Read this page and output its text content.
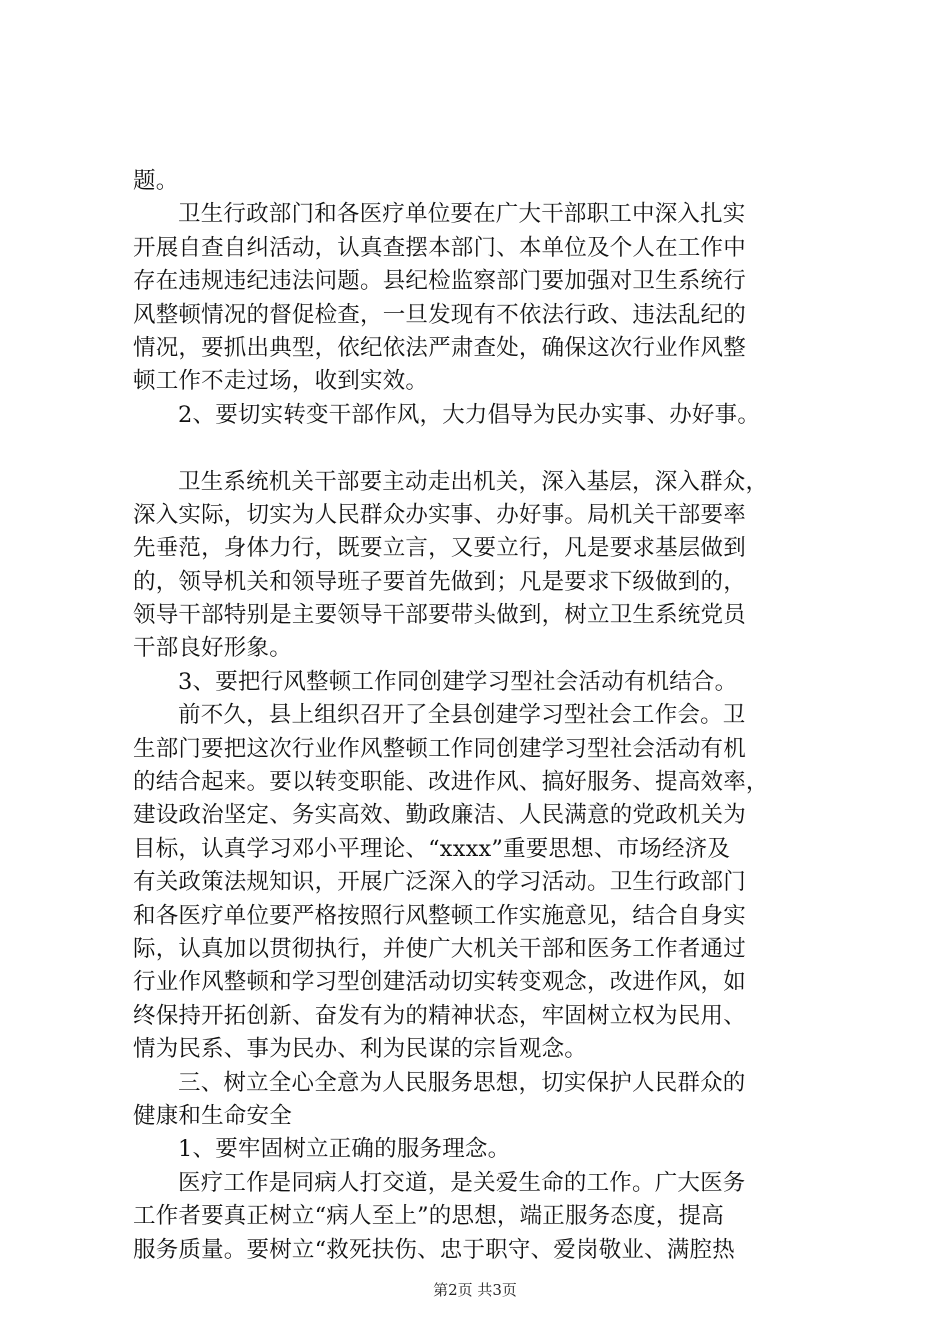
题。
卫生行政部门和各医疗单位要在广大干部职工中深入扎实
开展自查自纠活动，认真查摆本部门、本单位及个人在工作中
存在违规违纪违法问题。县纪检监察部门要加强对卫生系统行
风整顿情况的督促检查，一旦发现有不依法行政、违法乱纪的
情况，要抓出典型，依纪依法严肃查处，确保这次行业作风整
顿工作不走过场，收到实效。
2、要切实转变干部作风，大力倡导为民办实事、办好事。
卫生系统机关干部要主动走出机关，深入基层，深入群众，
深入实际，切实为人民群众办实事、办好事。局机关干部要率
先垂范，身体力行，既要立言，又要立行，凡是要求基层做到
的，领导机关和领导班子要首先做到；凡是要求下级做到的，
领导干部特别是主要领导干部要带头做到，树立卫生系统党员
干部良好形象。
3、要把行风整顿工作同创建学习型社会活动有机结合。
前不久，县上组织召开了全县创建学习型社会工作会。卫
生部门要把这次行业作风整顿工作同创建学习型社会活动有机
的结合起来。要以转变职能、改进作风、搞好服务、提高效率，
建设政治坚定、务实高效、勤政廉洁、人民满意的党政机关为
目标，认真学习邓小平理论、“xxxx”重要思想、市场经济及
有关政策法规知识，开展广泛深入的学习活动。卫生行政部门
和各医疗单位要严格按照行风整顿工作实施意见，结合自身实
际，认真加以贯彻执行，并使广大机关干部和医务工作者通过
行业作风整顿和学习型创建活动切实转变观念，改进作风，如
终保持开拓创新、奋发有为的精神状态，牢固树立权为民用、
情为民系、事为民办、利为民谋的宗旨观念。
三、树立全心全意为人民服务思想，切实保护人民群众的
健康和生命安全
1、要牢固树立正确的服务理念。
医疗工作是同病人打交道，是关爱生命的工作。广大医务
工作者要真正树立“病人至上”的思想，端正服务态度，提高
服务质量。要树立“救死扶伤、忠于职守、爱岗敬业、满腔热
第2页 共3页
